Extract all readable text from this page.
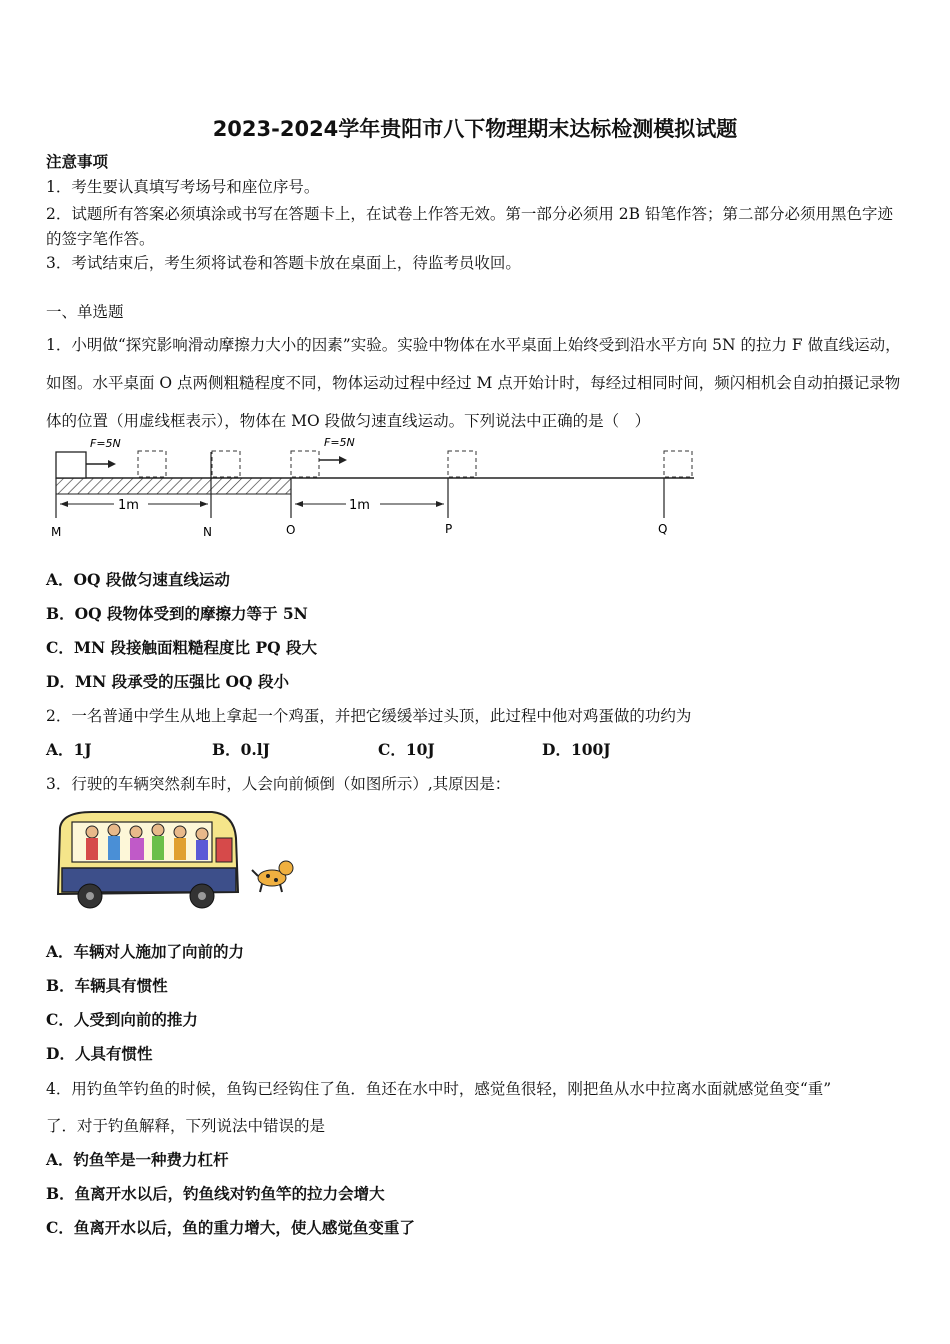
2023-2024学年贵阳市八下物理期末达标检测模拟试题
注意事项
1．考生要认真填写考场号和座位序号。
2．试题所有答案必须填涂或书写在答题卡上，在试卷上作答无效。第一部分必须用 2B 铅笔作答；第二部分必须用黑色字迹的签字笔作答。
3．考试结束后，考生须将试卷和答题卡放在桌面上，待监考员收回。
一、单选题
1．小明做“探究影响滑动摩擦力大小的因素”实验。实验中物体在水平桌面上始终受到沿水平方向 5N 的拉力 F 做直线运动，如图。水平桌面 O 点两侧粗糙程度不同，物体运动过程中经过 M 点开始计时，每经过相同时间，频闪相机会自动拍摄记录物体的位置（用虚线框表示），物体在 MO 段做匀速直线运动。下列说法中正确的是（　）
F=5N	F=5N
1m	1m
M	N	O	P	Q
A．OQ 段做匀速直线运动
B．OQ 段物体受到的摩擦力等于 5N
C．MN 段接触面粗糙程度比 PQ 段大
D．MN 段承受的压强比 OQ 段小
2．一名普通中学生从地上拿起一个鸡蛋，并把它缓缓举过头顶，此过程中他对鸡蛋做的功约为
A．1J	B．0.lJ	C．10J	D．100J
3．行驶的车辆突然刹车时，人会向前倾倒（如图所示）,其原因是：
A．车辆对人施加了向前的力
B．车辆具有惯性
C．人受到向前的推力
D．人具有惯性
4．用钓鱼竿钓鱼的时候，鱼钩已经钩住了鱼．鱼还在水中时，感觉鱼很轻，刚把鱼从水中拉离水面就感觉鱼变“重”
了．对于钓鱼解释，下列说法中错误的是
A．钓鱼竿是一种费力杠杆
B．鱼离开水以后，钓鱼线对钓鱼竿的拉力会增大
C．鱼离开水以后，鱼的重力增大，使人感觉鱼变重了
